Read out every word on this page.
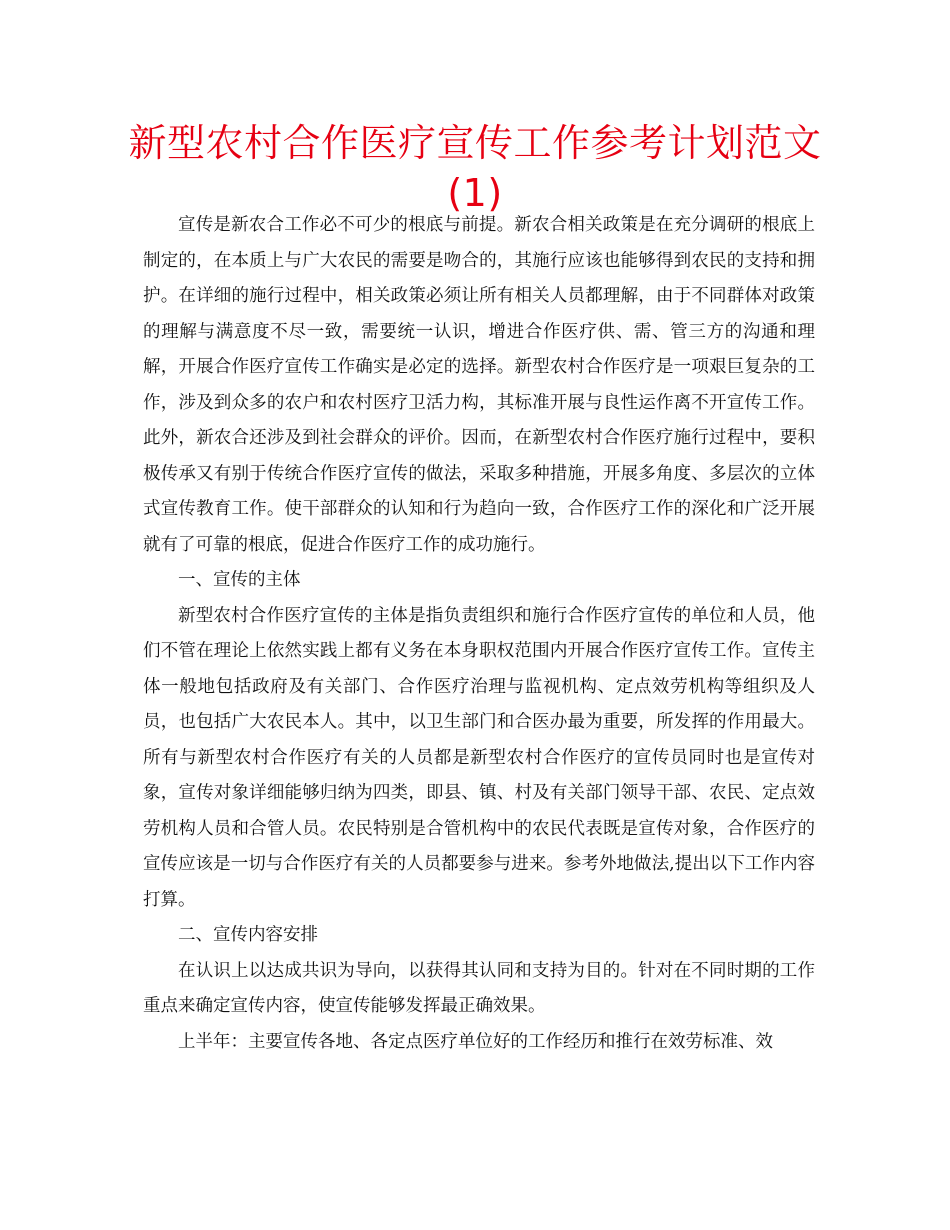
新型农村合作医疗宣传工作参考计划范文(1)

宣传是新农合工作必不可少的根底与前提。新农合相关政策是在充分调研的根底上制定的，在本质上与广大农民的需要是吻合的，其施行应该也能够得到农民的支持和拥护。在详细的施行过程中，相关政策必须让所有相关人员都理解，由于不同群体对政策的理解与满意度不尽一致，需要统一认识，增进合作医疗供、需、管三方的沟通和理解，开展合作医疗宣传工作确实是必定的选择。新型农村合作医疗是一项艰巨复杂的工作，涉及到众多的农户和农村医疗卫活力构，其标准开展与良性运作离不开宣传工作。此外，新农合还涉及到社会群众的评价。因而，在新型农村合作医疗施行过程中，要积极传承又有别于传统合作医疗宣传的做法，采取多种措施，开展多角度、多层次的立体式宣传教育工作。使干部群众的认知和行为趋向一致，合作医疗工作的深化和广泛开展就有了可靠的根底，促进合作医疗工作的成功施行。

一、宣传的主体

新型农村合作医疗宣传的主体是指负责组织和施行合作医疗宣传的单位和人员，他们不管在理论上依然实践上都有义务在本身职权范围内开展合作医疗宣传工作。宣传主体一般地包括政府及有关部门、合作医疗治理与监视机构、定点效劳机构等组织及人员，也包括广大农民本人。其中，以卫生部门和合医办最为重要，所发挥的作用最大。所有与新型农村合作医疗有关的人员都是新型农村合作医疗的宣传员同时也是宣传对象，宣传对象详细能够归纳为四类，即县、镇、村及有关部门领导干部、农民、定点效劳机构人员和合管人员。农民特别是合管机构中的农民代表既是宣传对象，合作医疗的宣传应该是一切与合作医疗有关的人员都要参与进来。参考外地做法,提出以下工作内容打算。

二、宣传内容安排

在认识上以达成共识为导向，以获得其认同和支持为目的。针对在不同时期的工作重点来确定宣传内容，使宣传能够发挥最正确效果。

上半年：主要宣传各地、各定点医疗单位好的工作经历和推行在效劳标准、效
